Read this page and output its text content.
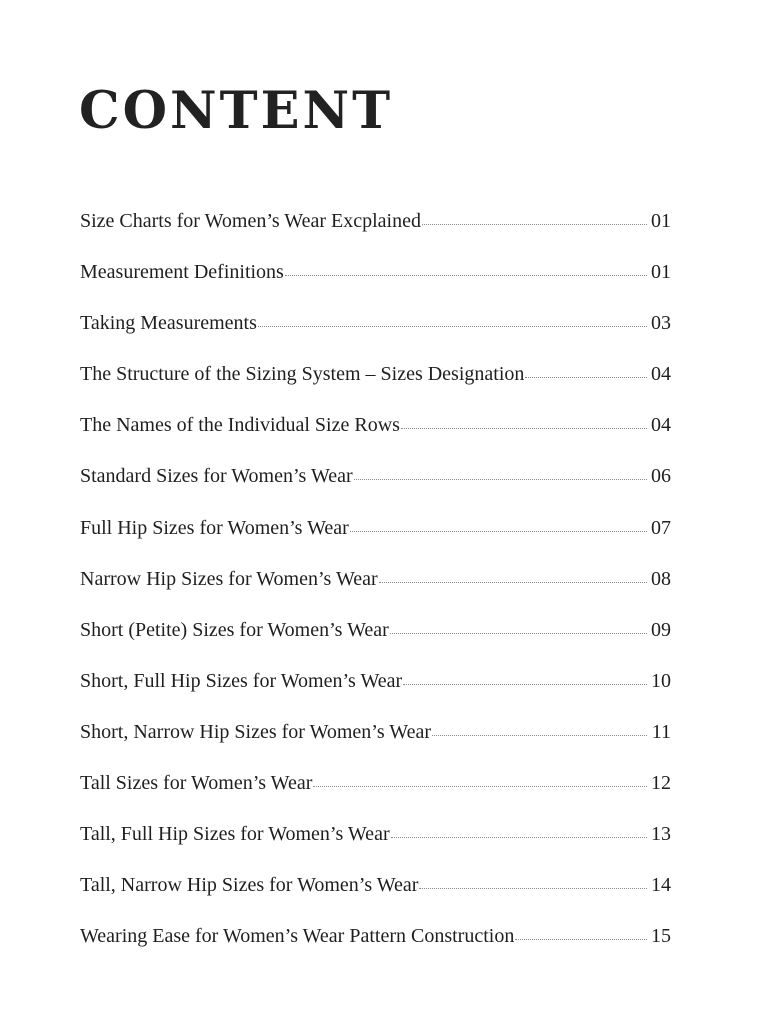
CONTENT
Size Charts for Women’s Wear Excplained	01
Measurement Definitions	01
Taking Measurements	03
The Structure of the Sizing System – Sizes Designation	04
The Names of the Individual Size Rows	04
Standard Sizes for Women’s Wear	06
Full Hip Sizes for Women’s Wear	07
Narrow Hip Sizes for Women’s Wear	08
Short (Petite) Sizes for Women’s Wear	09
Short, Full Hip Sizes for Women’s Wear	10
Short, Narrow Hip Sizes for Women’s Wear	11
Tall Sizes for Women’s Wear	12
Tall, Full Hip Sizes for Women’s Wear	13
Tall, Narrow Hip Sizes for Women’s Wear	14
Wearing Ease for Women’s Wear Pattern Construction	15
